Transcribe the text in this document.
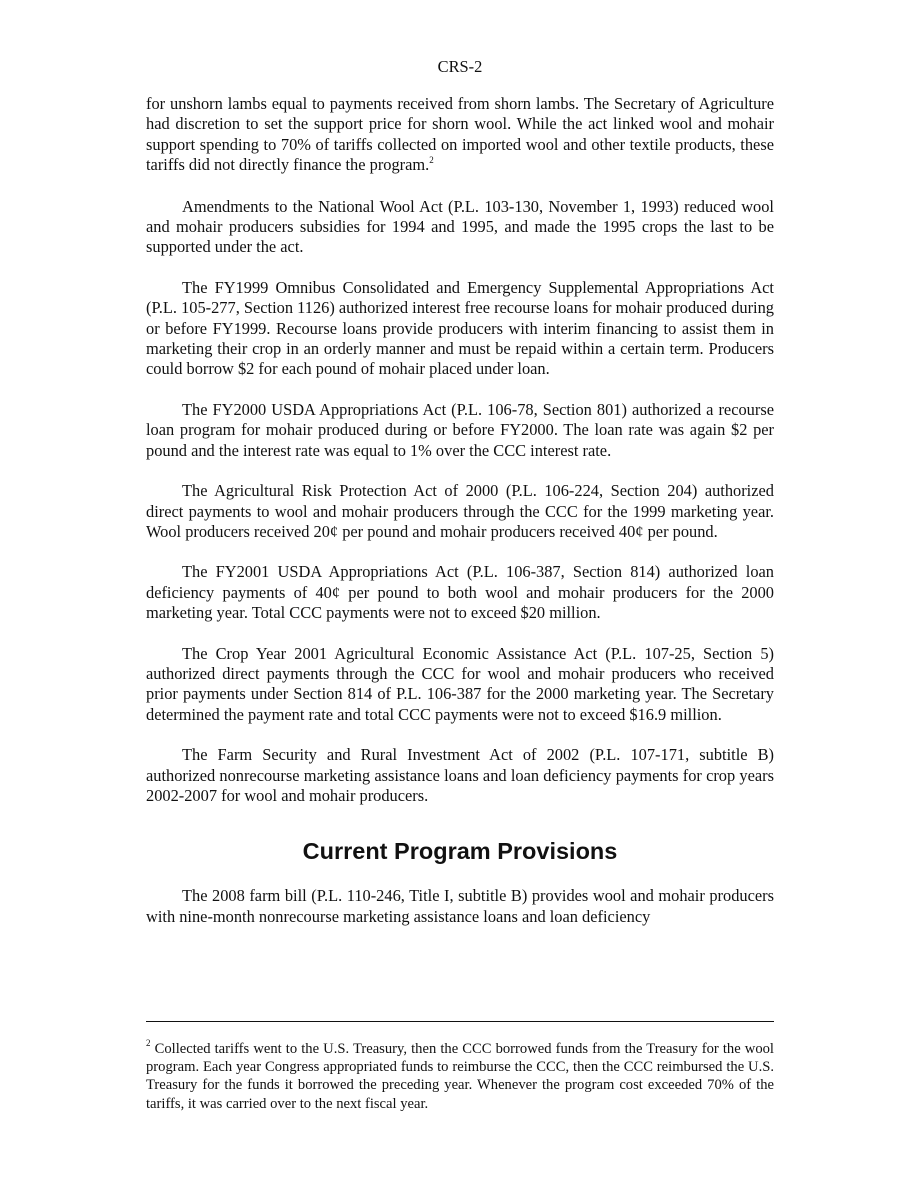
CRS-2

for unshorn lambs equal to payments received from shorn lambs. The Secretary of Agriculture had discretion to set the support price for shorn wool. While the act linked wool and mohair support spending to 70% of tariffs collected on imported wool and other textile products, these tariffs did not directly finance the program.$^2$

Amendments to the National Wool Act (P.L. 103-130, November 1, 1993) reduced wool and mohair producers subsidies for 1994 and 1995, and made the 1995 crops the last to be supported under the act.

The FY1999 Omnibus Consolidated and Emergency Supplemental Appropriations Act (P.L. 105-277, Section 1126) authorized interest free recourse loans for mohair produced during or before FY1999. Recourse loans provide producers with interim financing to assist them in marketing their crop in an orderly manner and must be repaid within a certain term. Producers could borrow $2 for each pound of mohair placed under loan.

The FY2000 USDA Appropriations Act (P.L. 106-78, Section 801) authorized a recourse loan program for mohair produced during or before FY2000. The loan rate was again $2 per pound and the interest rate was equal to 1% over the CCC interest rate.

The Agricultural Risk Protection Act of 2000 (P.L. 106-224, Section 204) authorized direct payments to wool and mohair producers through the CCC for the 1999 marketing year. Wool producers received 20¢ per pound and mohair producers received 40¢ per pound.

The FY2001 USDA Appropriations Act (P.L. 106-387, Section 814) authorized loan deficiency payments of 40¢ per pound to both wool and mohair producers for the 2000 marketing year. Total CCC payments were not to exceed $20 million.

The Crop Year 2001 Agricultural Economic Assistance Act (P.L. 107-25, Section 5) authorized direct payments through the CCC for wool and mohair producers who received prior payments under Section 814 of P.L. 106-387 for the 2000 marketing year. The Secretary determined the payment rate and total CCC payments were not to exceed $16.9 million.

The Farm Security and Rural Investment Act of 2002 (P.L. 107-171, subtitle B) authorized nonrecourse marketing assistance loans and loan deficiency payments for crop years 2002-2007 for wool and mohair producers.

Current Program Provisions

The 2008 farm bill (P.L. 110-246, Title I, subtitle B) provides wool and mohair producers with nine-month nonrecourse marketing assistance loans and loan deficiency

$^2$ Collected tariffs went to the U.S. Treasury, then the CCC borrowed funds from the Treasury for the wool program. Each year Congress appropriated funds to reimburse the CCC, then the CCC reimbursed the U.S. Treasury for the funds it borrowed the preceding year. Whenever the program cost exceeded 70% of the tariffs, it was carried over to the next fiscal year.
